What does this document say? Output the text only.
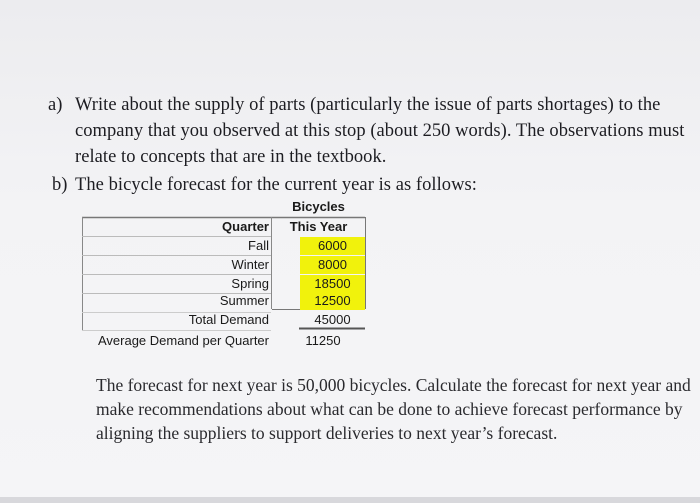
a) Write about the supply of parts (particularly the issue of parts shortages) to the company that you observed at this stop (about 250 words). The observations must relate to concepts that are in the textbook.
b) The bicycle forecast for the current year is as follows:
Bicycles
Quarter	This Year
Fall	6000
Winter	8000
Spring	18500
Summer	12500
Total Demand	45000
Average Demand per Quarter	11250
The forecast for next year is 50,000 bicycles. Calculate the forecast for next year and make recommendations about what can be done to achieve forecast performance by aligning the suppliers to support deliveries to next year’s forecast.
